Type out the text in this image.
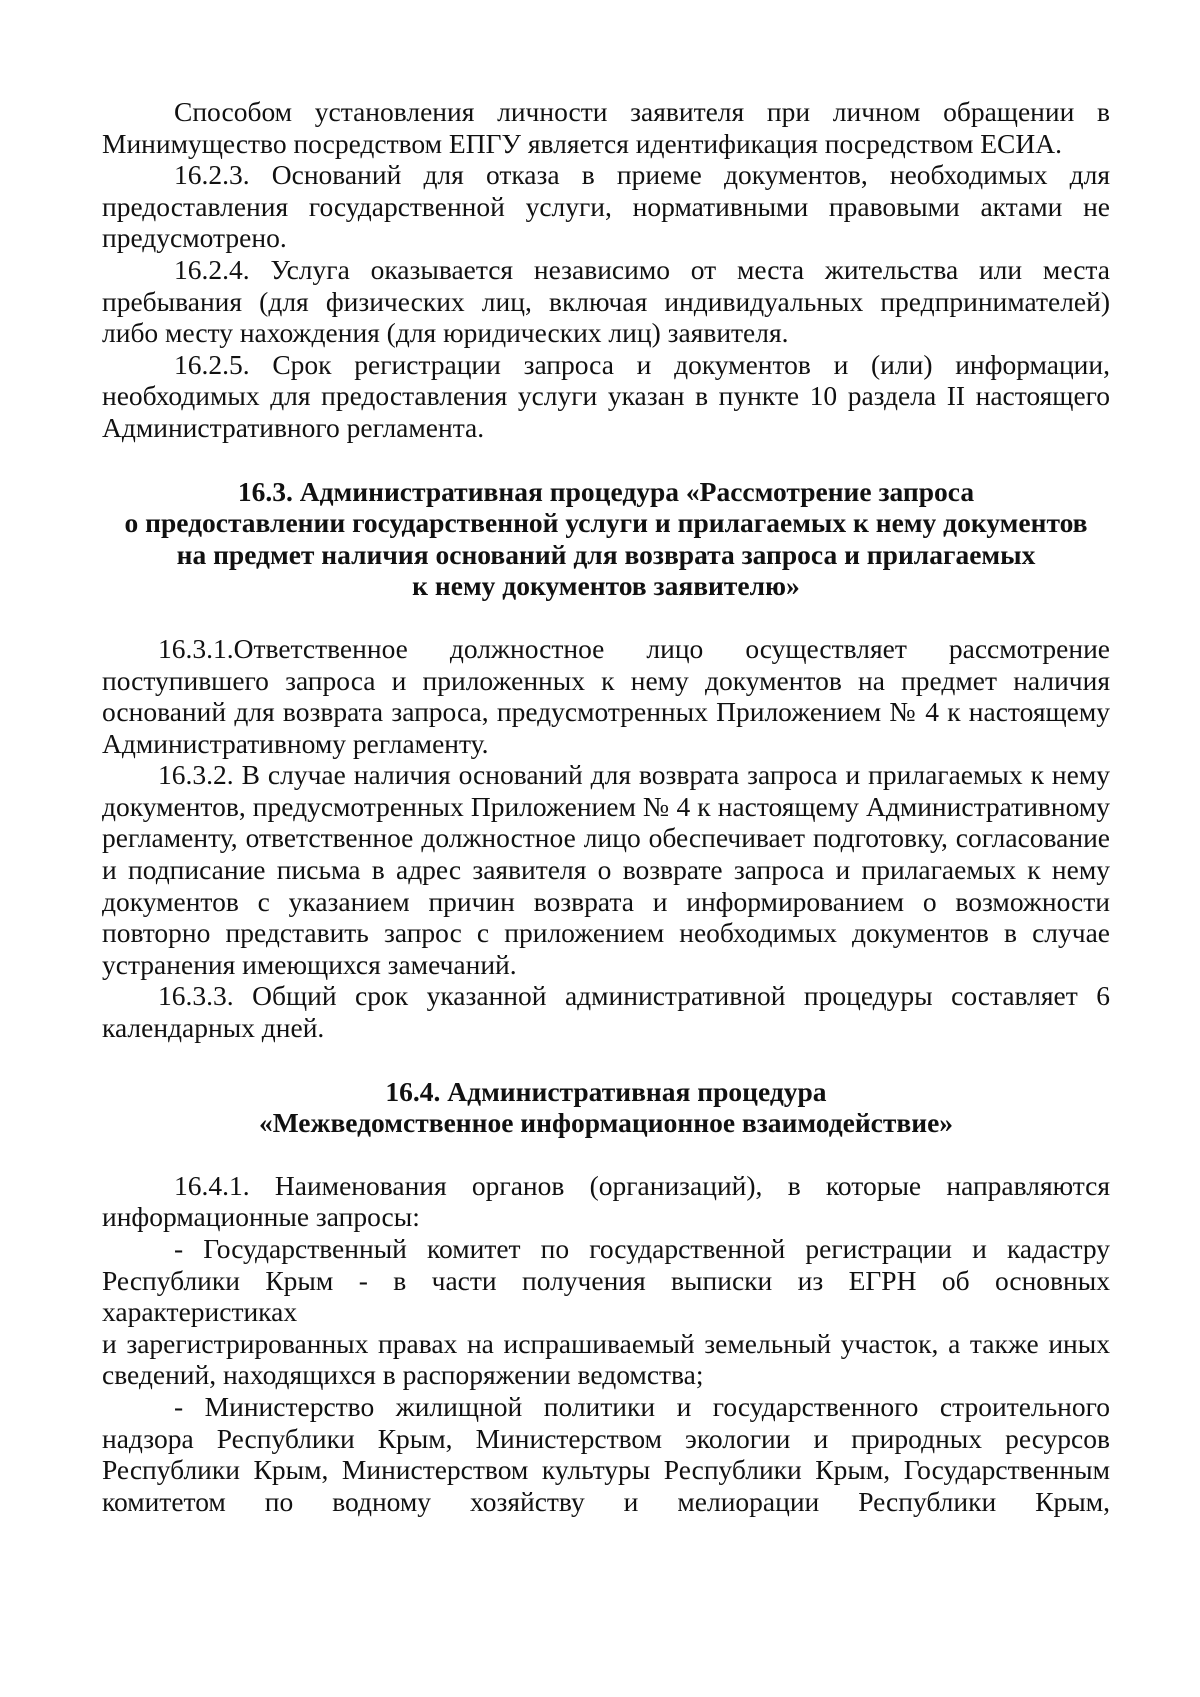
Способом установления личности заявителя при личном обращении в Минимущество посредством ЕПГУ является идентификация посредством ЕСИА.

16.2.3. Оснований для отказа в приеме документов, необходимых для предоставления государственной услуги, нормативными правовыми актами не предусмотрено.

16.2.4. Услуга оказывается независимо от места жительства или места пребывания (для физических лиц, включая индивидуальных предпринимателей) либо месту нахождения (для юридических лиц) заявителя.

16.2.5. Срок регистрации запроса и документов и (или) информации, необходимых для предоставления услуги указан в пункте 10 раздела II настоящего Административного регламента.

16.3. Административная процедура «Рассмотрение запроса
о предоставлении государственной услуги и прилагаемых к нему документов
на предмет наличия оснований для возврата запроса и прилагаемых
к нему документов заявителю»

16.3.1.Ответственное должностное лицо осуществляет рассмотрение поступившего запроса и приложенных к нему документов на предмет наличия оснований для возврата запроса, предусмотренных Приложением № 4 к настоящему Административному регламенту.

16.3.2. В случае наличия оснований для возврата запроса и прилагаемых к нему документов, предусмотренных Приложением № 4 к настоящему Административному регламенту, ответственное должностное лицо обеспечивает подготовку, согласование и подписание письма в адрес заявителя о возврате запроса и прилагаемых к нему документов с указанием причин возврата и информированием о возможности повторно представить запрос с приложением необходимых документов в случае устранения имеющихся замечаний.

16.3.3. Общий срок указанной административной процедуры составляет 6 календарных дней.

16.4. Административная процедура
«Межведомственное информационное взаимодействие»

16.4.1. Наименования органов (организаций), в которые направляются информационные запросы:

- Государственный комитет по государственной регистрации и кадастру Республики Крым - в части получения выписки из ЕГРН об основных характеристиках

и зарегистрированных правах на испрашиваемый земельный участок, а также иных сведений, находящихся в распоряжении ведомства;

- Министерство жилищной политики и государственного строительного надзора Республики Крым, Министерством экологии и природных ресурсов Республики Крым, Министерством культуры Республики Крым, Государственным комитетом по водному хозяйству и мелиорации Республики Крым,
